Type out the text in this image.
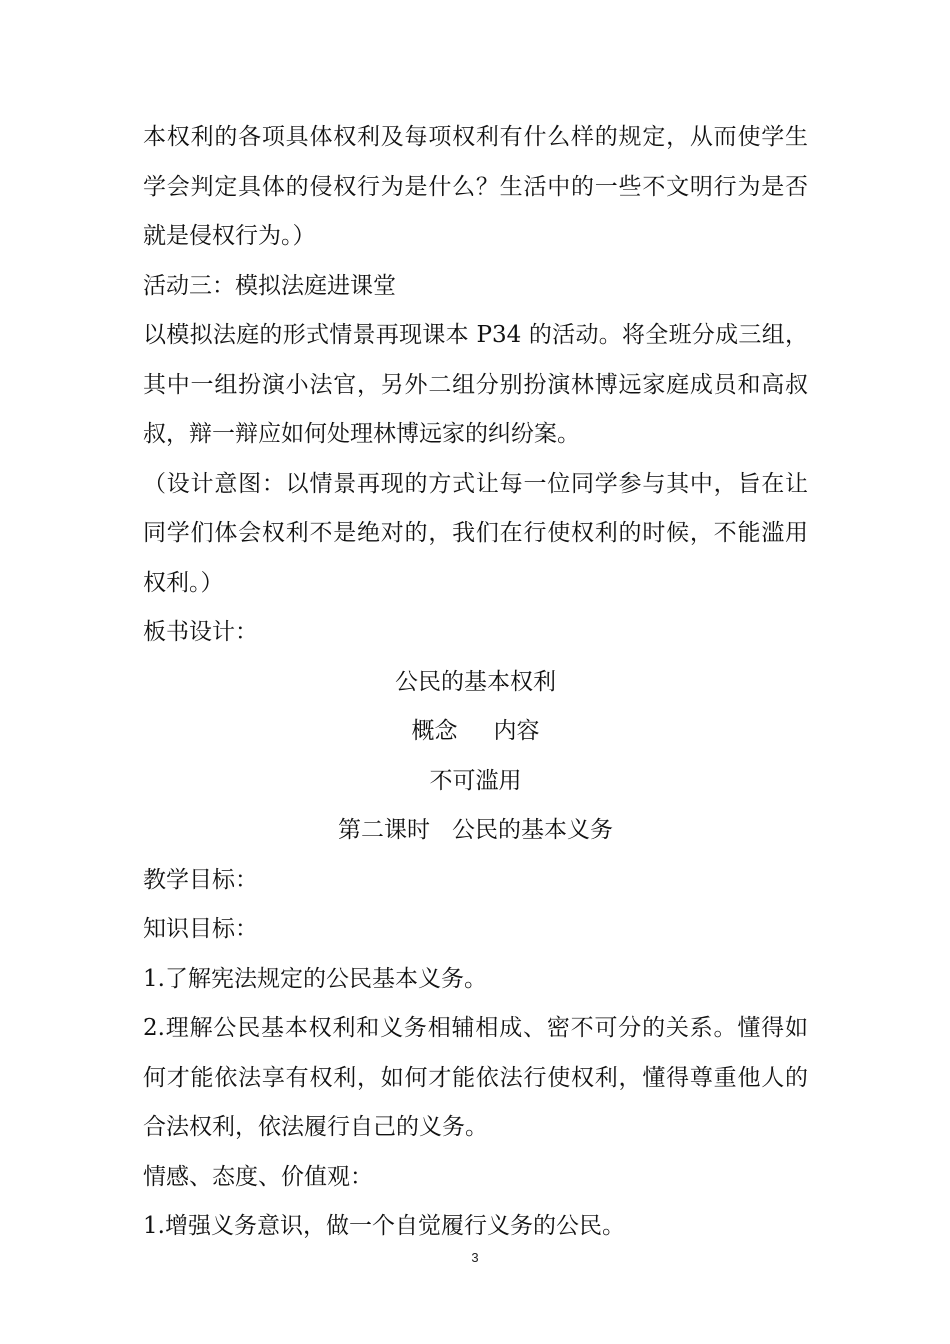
本权利的各项具体权利及每项权利有什么样的规定，从而使学生学会判定具体的侵权行为是什么？生活中的一些不文明行为是否就是侵权行为。）

活动三：模拟法庭进课堂

以模拟法庭的形式情景再现课本 P34 的活动。将全班分成三组，其中一组扮演小法官，另外二组分别扮演林博远家庭成员和高叔叔，辩一辩应如何处理林博远家的纠纷案。

（设计意图：以情景再现的方式让每一位同学参与其中，旨在让同学们体会权利不是绝对的，我们在行使权利的时候，不能滥用权利。）

板书设计：

公民的基本权利

概念 内容

不可滥用

第二课时 公民的基本义务

教学目标：

知识目标：

1.了解宪法规定的公民基本义务。

2.理解公民基本权利和义务相辅相成、密不可分的关系。懂得如何才能依法享有权利，如何才能依法行使权利，懂得尊重他人的合法权利，依法履行自己的义务。

情感、态度、价值观：

1.增强义务意识，做一个自觉履行义务的公民。

3
